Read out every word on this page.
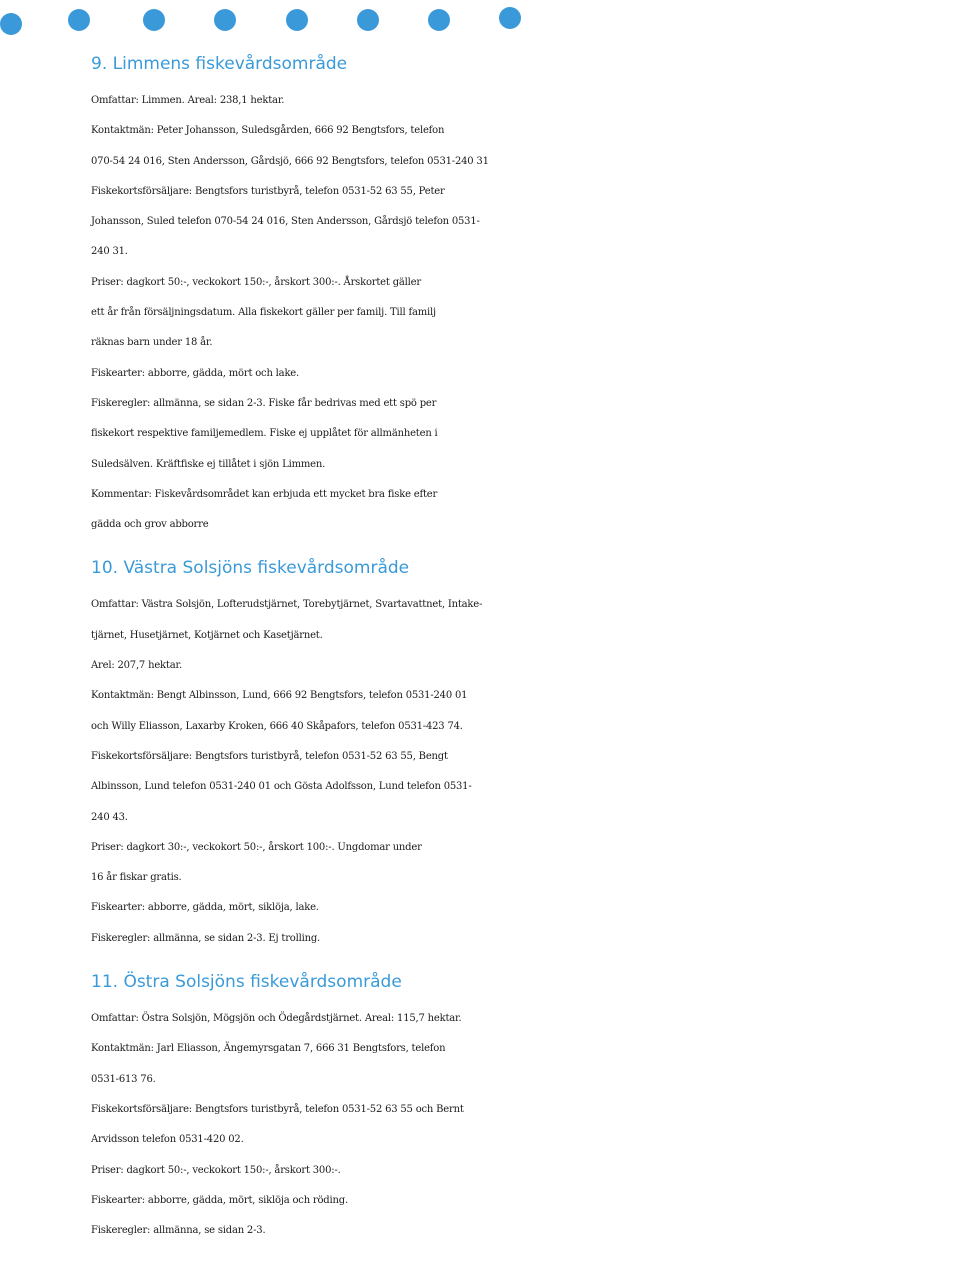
9. Limmens fiskevårdsområde

Omfattar: Limmen. Areal: 238,1 hektar.

Kontaktmän: Peter Johansson, Suledsgården, 666 92 Bengtsfors, telefon

070-54 24 016, Sten Andersson, Gårdsjö, 666 92 Bengtsfors, telefon 0531-240 31

Fiskekortsförsäljare: Bengtsfors turistbyrå, telefon 0531-52 63 55, Peter

Johansson, Suled telefon 070-54 24 016, Sten Andersson, Gårdsjö telefon 0531-

240 31.

Priser: dagkort 50:-, veckokort 150:-, årskort 300:-. Årskortet gäller

ett år från försäljningsdatum. Alla fiskekort gäller per familj. Till familj

räknas barn under 18 år.

Fiskearter: abborre, gädda, mört och lake.

Fiskeregler: allmänna, se sidan 2-3. Fiske får bedrivas med ett spö per

fiskekort respektive familjemedlem. Fiske ej upplåtet för allmänheten i

Suledsälven. Kräftfiske ej tillåtet i sjön Limmen.

Kommentar: Fiskevårdsområdet kan erbjuda ett mycket bra fiske efter

gädda och grov abborre

10. Västra Solsjöns fiskevårdsområde

Omfattar: Västra Solsjön, Lofterudstjärnet, Torebytjärnet, Svartavattnet, Intake-

tjärnet, Husetjärnet, Kotjärnet och Kasetjärnet.

Arel: 207,7 hektar.

Kontaktmän: Bengt Albinsson, Lund, 666 92 Bengtsfors, telefon 0531-240 01

och Willy Eliasson, Laxarby Kroken, 666 40 Skåpafors, telefon 0531-423 74.

Fiskekortsförsäljare: Bengtsfors turistbyrå, telefon 0531-52 63 55, Bengt

Albinsson, Lund telefon 0531-240 01 och Gösta Adolfsson, Lund telefon 0531-

240 43.

Priser: dagkort 30:-, veckokort 50:-, årskort 100:-. Ungdomar under

16 år fiskar gratis.

Fiskearter: abborre, gädda, mört, siklöja, lake.

Fiskeregler: allmänna, se sidan 2-3. Ej trolling.

11. Östra Solsjöns fiskevårdsområde

Omfattar: Östra Solsjön, Mögsjön och Ödegårdstjärnet. Areal: 115,7 hektar.

Kontaktmän: Jarl Eliasson, Ängemyrsgatan 7, 666 31 Bengtsfors, telefon

0531-613 76.

Fiskekortsförsäljare: Bengtsfors turistbyrå, telefon 0531-52 63 55 och Bernt

Arvidsson telefon 0531-420 02.

Priser: dagkort 50:-, veckokort 150:-, årskort 300:-.

Fiskearter: abborre, gädda, mört, siklöja och röding.

Fiskeregler: allmänna, se sidan 2-3.
